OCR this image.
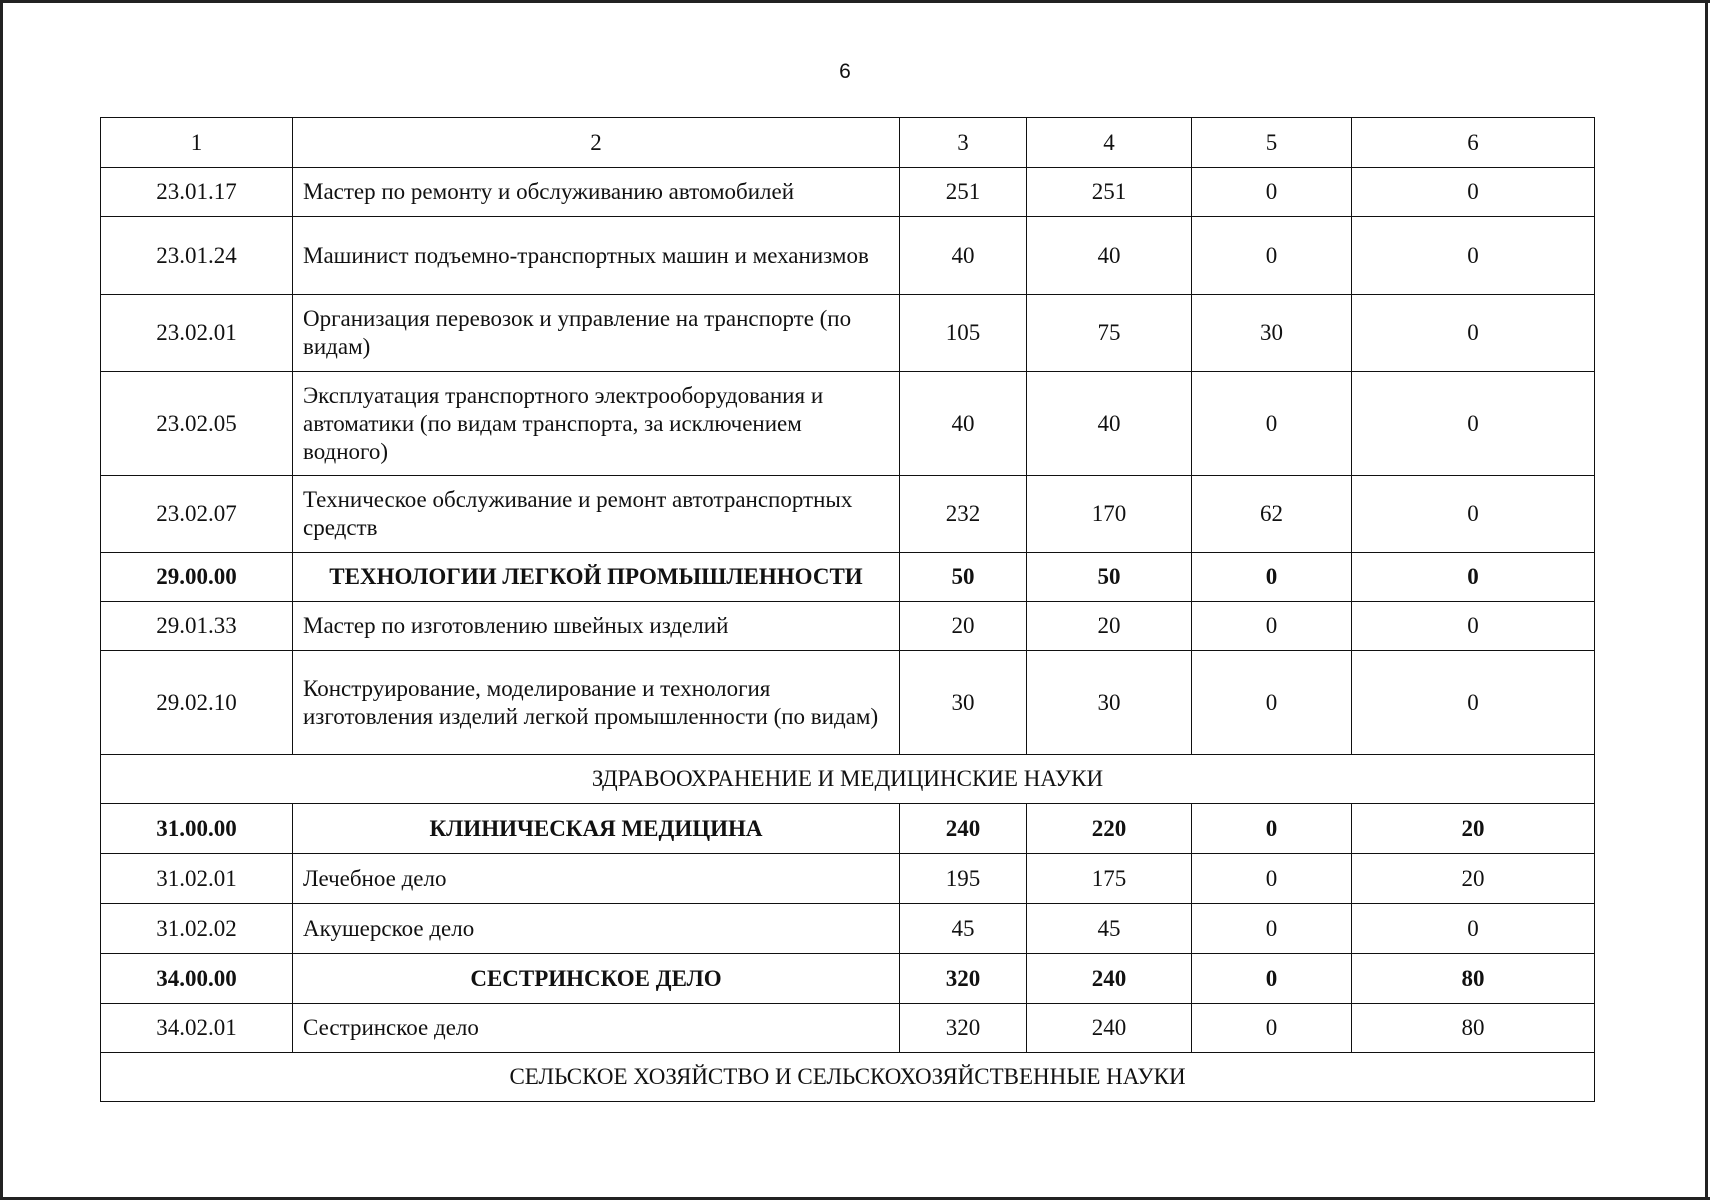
6
1	2	3	4	5	6
23.01.17	Мастер по ремонту и обслуживанию автомобилей	251	251	0	0
23.01.24	Машинист подъемно-транспортных машин и механизмов	40	40	0	0
23.02.01	Организация перевозок и управление на транспорте (по видам)	105	75	30	0
23.02.05	Эксплуатация транспортного электрооборудования и автоматики (по видам транспорта, за исключением водного)	40	40	0	0
23.02.07	Техническое обслуживание и ремонт автотранспортных средств	232	170	62	0
29.00.00	ТЕХНОЛОГИИ ЛЕГКОЙ ПРОМЫШЛЕННОСТИ	50	50	0	0
29.01.33	Мастер по изготовлению швейных изделий	20	20	0	0
29.02.10	Конструирование, моделирование и технология изготовления изделий легкой промышленности (по видам)	30	30	0	0
ЗДРАВООХРАНЕНИЕ И МЕДИЦИНСКИЕ НАУКИ					
31.00.00	КЛИНИЧЕСКАЯ МЕДИЦИНА	240	220	0	20
31.02.01	Лечебное дело	195	175	0	20
31.02.02	Акушерское дело	45	45	0	0
34.00.00	СЕСТРИНСКОЕ ДЕЛО	320	240	0	80
34.02.01	Сестринское дело	320	240	0	80
СЕЛЬСКОЕ ХОЗЯЙСТВО И СЕЛЬСКОХОЗЯЙСТВЕННЫЕ НАУКИ					
